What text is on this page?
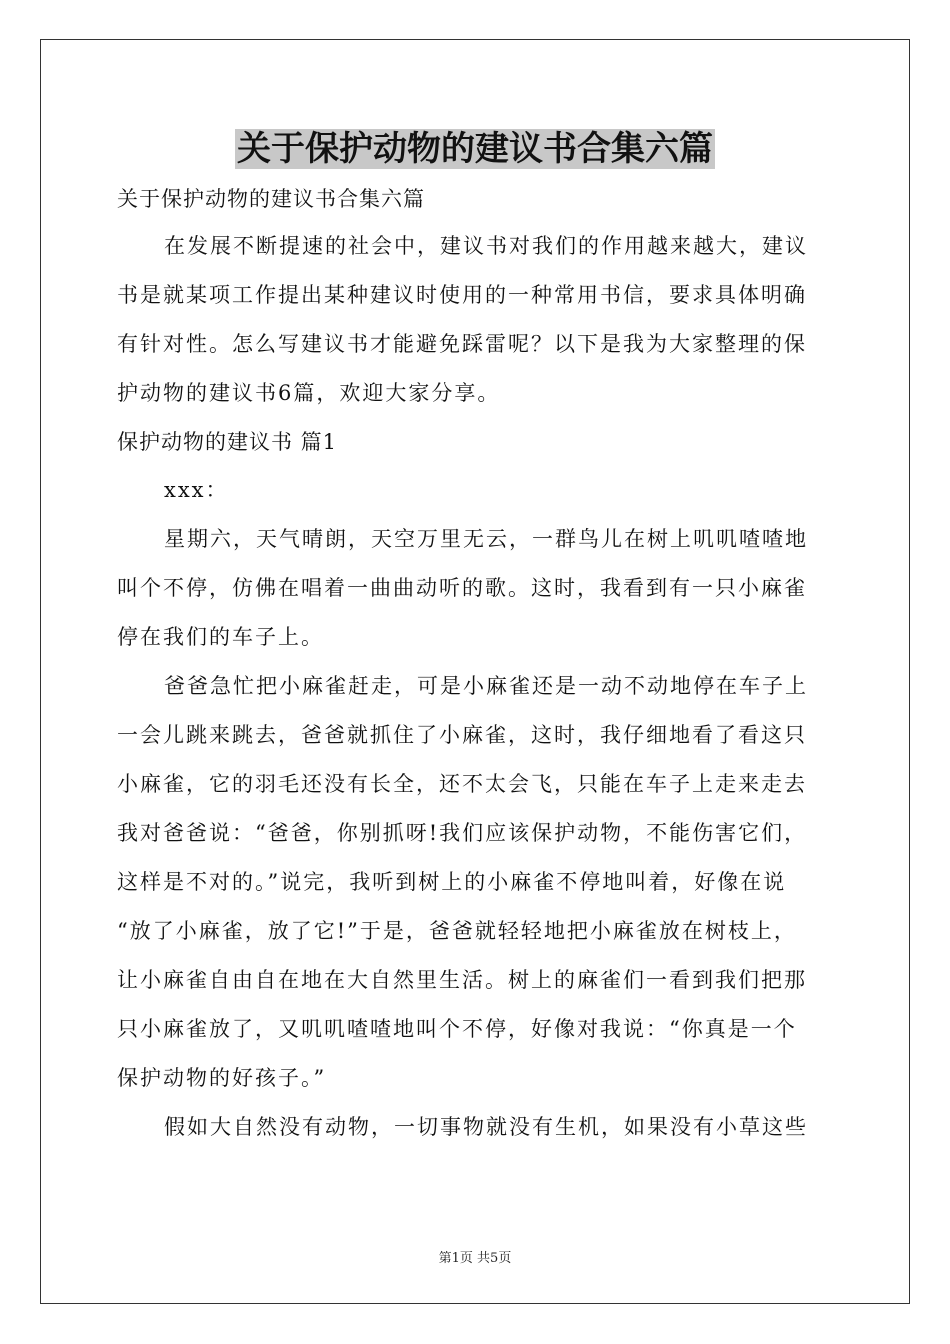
关于保护动物的建议书合集六篇
关于保护动物的建议书合集六篇
在发展不断提速的社会中，建议书对我们的作用越来越大，建议
书是就某项工作提出某种建议时使用的一种常用书信，要求具体明确
有针对性。怎么写建议书才能避免踩雷呢？以下是我为大家整理的保
护动物的建议书6篇，欢迎大家分享。
保护动物的建议书 篇1
xxx：
星期六，天气晴朗，天空万里无云，一群鸟儿在树上叽叽喳喳地
叫个不停，仿佛在唱着一曲曲动听的歌。这时，我看到有一只小麻雀
停在我们的车子上。
爸爸急忙把小麻雀赶走，可是小麻雀还是一动不动地停在车子上
一会儿跳来跳去，爸爸就抓住了小麻雀，这时，我仔细地看了看这只
小麻雀，它的羽毛还没有长全，还不太会飞，只能在车子上走来走去
我对爸爸说：“爸爸，你别抓呀!我们应该保护动物，不能伤害它们，
这样是不对的。”说完，我听到树上的小麻雀不停地叫着，好像在说
“放了小麻雀，放了它!”于是，爸爸就轻轻地把小麻雀放在树枝上，
让小麻雀自由自在地在大自然里生活。树上的麻雀们一看到我们把那
只小麻雀放了，又叽叽喳喳地叫个不停，好像对我说：“你真是一个
保护动物的好孩子。”
假如大自然没有动物，一切事物就没有生机，如果没有小草这些
第1页 共5页
